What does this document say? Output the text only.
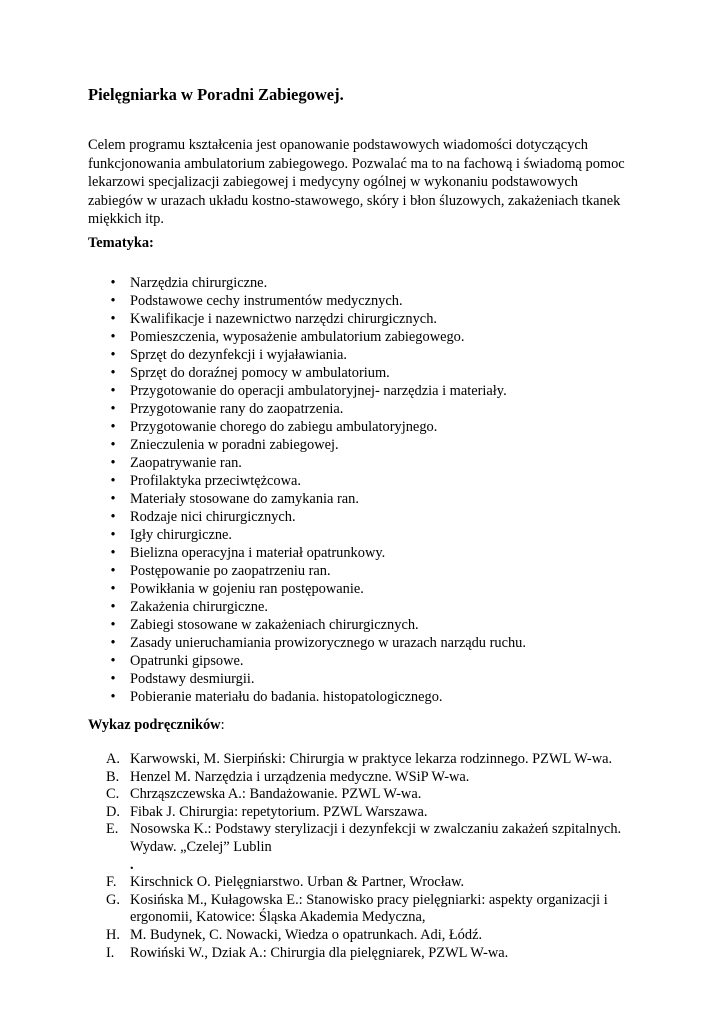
Pielęgniarka w Poradni Zabiegowej.

Celem programu kształcenia jest opanowanie podstawowych wiadomości dotyczących
funkcjonowania ambulatorium zabiegowego. Pozwalać ma to na fachową i świadomą pomoc
lekarzowi specjalizacji zabiegowej i medycyny ogólnej w wykonaniu podstawowych
zabiegów w urazach układu kostno-stawowego, skóry i błon śluzowych, zakażeniach tkanek
miękkich itp.

Tematyka:
• Narzędzia chirurgiczne.
• Podstawowe cechy instrumentów medycznych.
• Kwalifikacje i nazewnictwo narzędzi chirurgicznych.
• Pomieszczenia, wyposażenie ambulatorium zabiegowego.
• Sprzęt do dezynfekcji i wyjaławiania.
• Sprzęt do doraźnej pomocy w ambulatorium.
• Przygotowanie do operacji ambulatoryjnej- narzędzia i materiały.
• Przygotowanie rany do zaopatrzenia.
• Przygotowanie chorego do zabiegu ambulatoryjnego.
• Znieczulenia w poradni zabiegowej.
• Zaopatrywanie ran.
• Profilaktyka przeciwtężcowa.
• Materiały stosowane do zamykania ran.
• Rodzaje nici chirurgicznych.
• Igły chirurgiczne.
• Bielizna operacyjna i materiał opatrunkowy.
• Postępowanie po zaopatrzeniu ran.
• Powikłania w gojeniu ran postępowanie.
• Zakażenia chirurgiczne.
• Zabiegi stosowane w zakażeniach chirurgicznych.
• Zasady unieruchamiania prowizorycznego w urazach narządu ruchu.
• Opatrunki gipsowe.
• Podstawy desmiurgii.
• Pobieranie materiału do badania. histopatologicznego.
Wykaz podręczników:
A. Karwowski, M. Sierpiński: Chirurgia w praktyce lekarza rodzinnego. PZWL W-wa.
B. Henzel M. Narzędzia i urządzenia medyczne. WSiP W-wa.
C. Chrząszczewska A.: Bandażowanie. PZWL W-wa.
D. Fibak J. Chirurgia: repetytorium. PZWL Warszawa.
E. Nosowska K.: Podstawy sterylizacji i dezynfekcji w zwalczaniu zakażeń szpitalnych.
Wydaw. „Czelej” Lublin
.
F. Kirschnick O. Pielęgniarstwo. Urban & Partner, Wrocław.
G. Kosińska M., Kułagowska E.: Stanowisko pracy pielęgniarki: aspekty organizacji i
ergonomii, Katowice: Śląska Akademia Medyczna,
H. M. Budynek, C. Nowacki, Wiedza o opatrunkach. Adi, Łódź.
I. Rowiński W., Dziak A.: Chirurgia dla pielęgniarek, PZWL W-wa.
